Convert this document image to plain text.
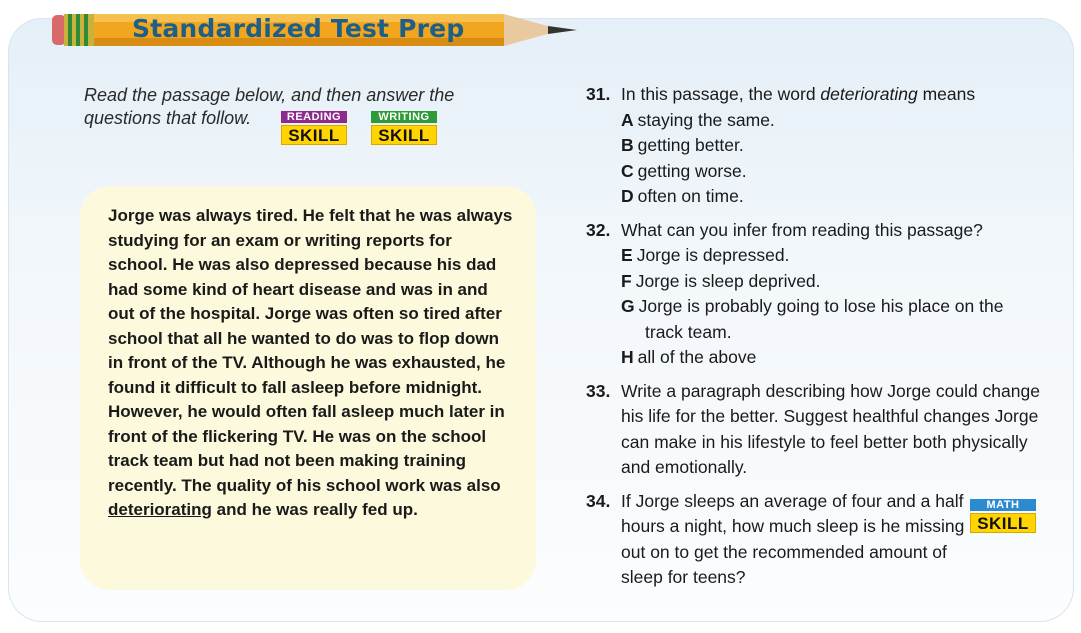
Standardized Test Prep
Read the passage below, and then answer the questions that follow.	READING
SKILL
WRITING
SKILL
Jorge was always tired. He felt that he was always studying for an exam or writing reports for school. He was also depressed because his dad had some kind of heart disease and was in and out of the hospital. Jorge was often so tired after school that all he wanted to do was to flop down in front of the TV. Although he was exhausted, he found it difficult to fall asleep before midnight. However, he would often fall asleep much later in front of the flickering TV. He was on the school track team but had not been making training recently. The quality of his school work was also deteriorating and he was really fed up.
31. In this passage, the word deteriorating means
A staying the same.
B getting better.
C getting worse.
D often on time.
32. What can you infer from reading this passage?
E Jorge is depressed.
F Jorge is sleep deprived.
G Jorge is probably going to lose his place on the track team.
H all of the above
33. Write a paragraph describing how Jorge could change his life for the better. Suggest healthful changes Jorge can make in his lifestyle to feel better both physically and emotionally.
34. If Jorge sleeps an average of four and a half hours a night, how much sleep is he missing out on to get the recommended amount of sleep for teens?
MATH
SKILL
